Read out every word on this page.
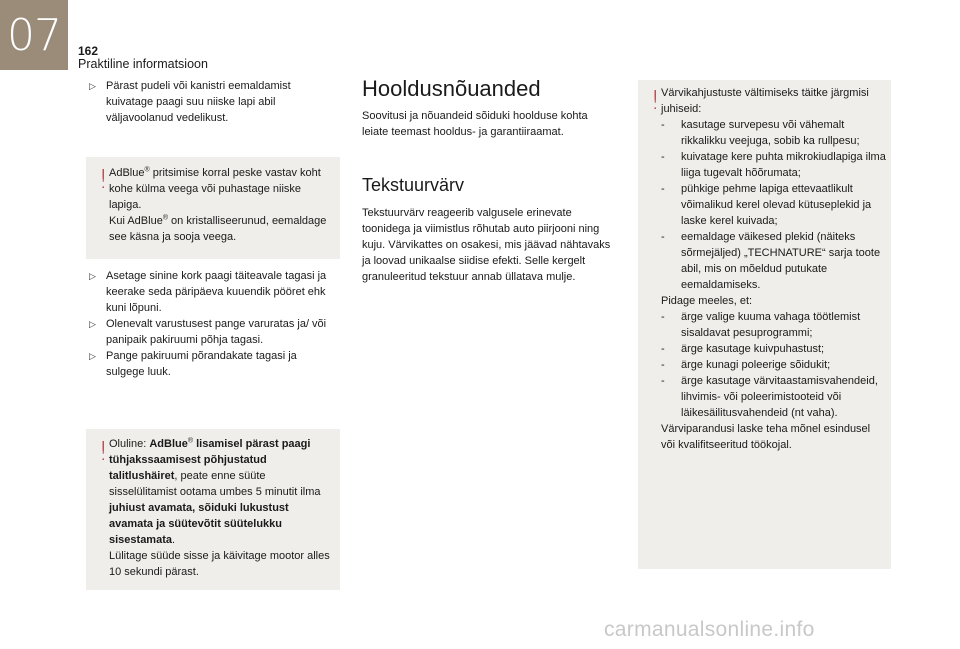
07	162
Praktiline informatsioon
▷ Pärast pudeli või kanistri eemaldamist kuivatage paagi suu niiske lapi abil väljavoolanud vedelikust.
! AdBlue® pritsimise korral peske vastav koht kohe külma veega või puhastage niiske lapiga.

Kui AdBlue® on kristalliseerunud, eemaldage see käsna ja sooja veega.

▷ Asetage sinine kork paagi täiteavale tagasi ja keerake seda päripäeva kuuendik pööret ehk kuni lõpuni.
▷ Olenevalt varustusest pange varuratas ja/ või panipaik pakiruumi põhja tagasi.
▷ Pange pakiruumi põrandakate tagasi ja sulgege luuk.
! Oluline: AdBlue® lisamisel pärast paagi tühjakssaamisest põhjustatud talitlushäiret, peate enne süüte sisselülitamist ootama umbes 5 minutit ilma juhiust avamata, sõiduki lukustust avamata ja süütevõtit süütelukku sisestamata.

Lülitage süüde sisse ja käivitage mootor alles 10 sekundi pärast.

Hooldusnõuanded

Soovitusi ja nõuandeid sõiduki hoolduse kohta leiate teemast hooldus- ja garantiiraamat.

Tekstuurvärv

Tekstuurvärv reageerib valgusele erinevate toonidega ja viimistlus rõhutab auto piirjooni ning kuju. Värvikattes on osakesi, mis jäävad nähtavaks ja loovad unikaalse siidise efekti. Selle kergelt granuleeritud tekstuur annab üllatava mulje.

! Värvikahjustuste vältimiseks täitke järgmisi juhiseid:

- kasutage survepesu või vähemalt rikkalikku veejuga, sobib ka rullpesu;
- kuivatage kere puhta mikrokiudlapiga ilma liiga tugevalt hõõrumata;
- pühkige pehme lapiga ettevaatlikult võimalikud kerel olevad kütuseplekid ja laske kerel kuivada;
- eemaldage väikesed plekid (näiteks sõrmejäljed) „TECHNATURE“ sarja toote abil, mis on mõeldud putukate eemaldamiseks.

Pidage meeles, et:

- ärge valige kuuma vahaga töötlemist sisaldavat pesuprogrammi;
- ärge kasutage kuivpuhastust;
- ärge kunagi poleerige sõidukit;
- ärge kasutage värvitaastamisvahendeid, lihvimis- või poleerimistooteid või läikesäilitusvahendeid (nt vaha).

Värviparandusi laske teha mõnel esindusel või kvalifitseeritud töökojal.

carmanualsonline.info
